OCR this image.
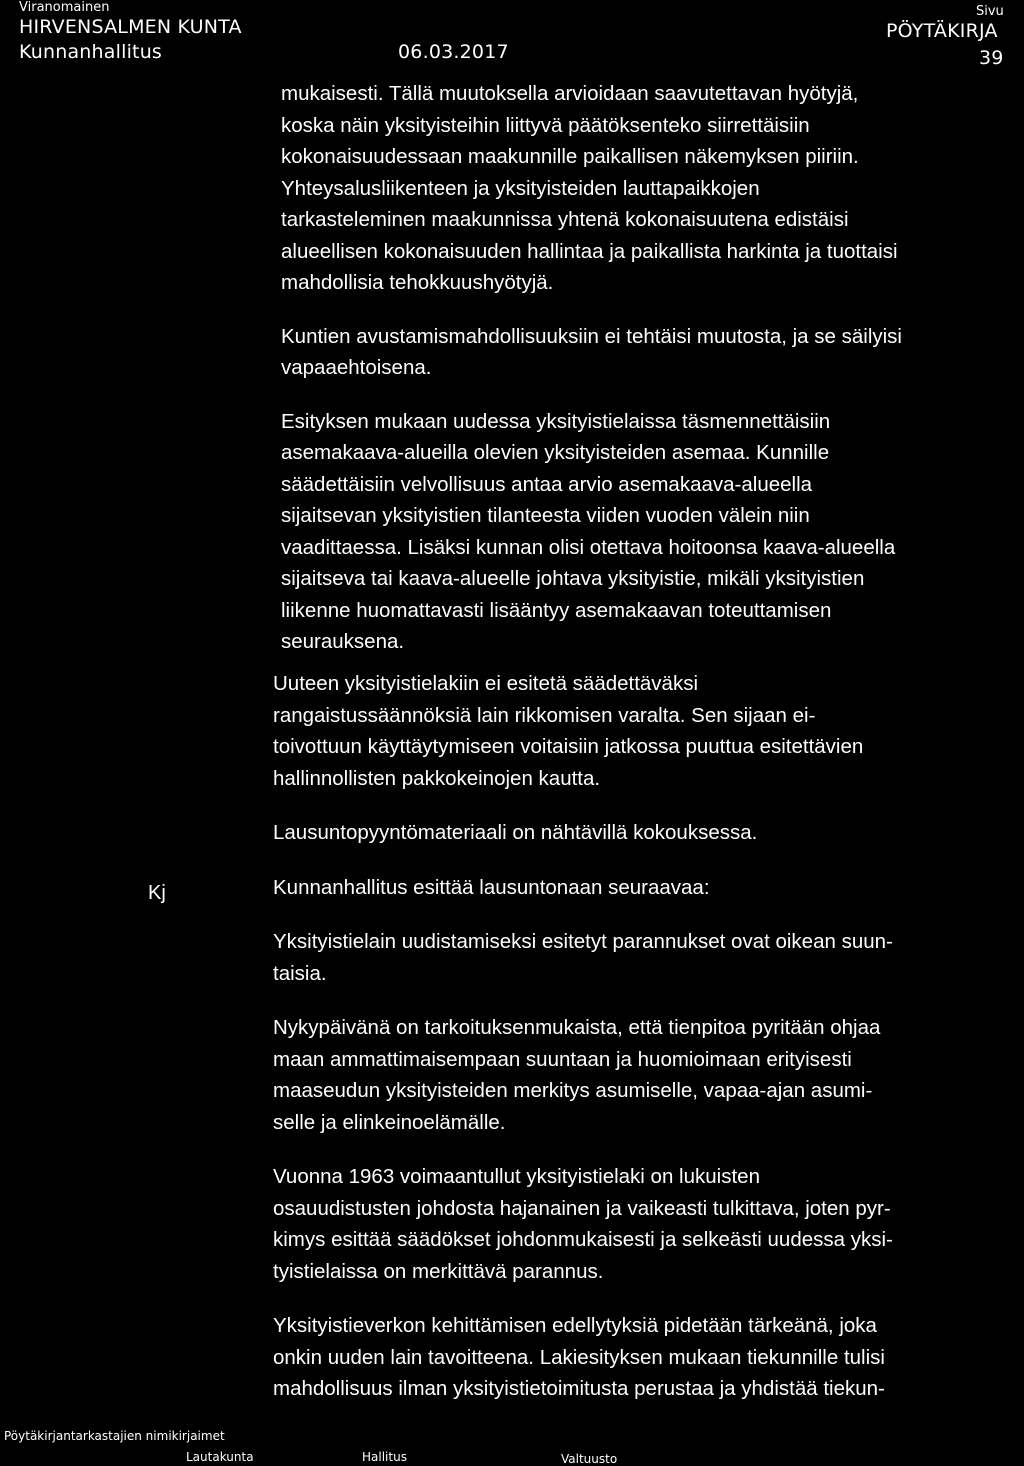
Viranomainen
HIRVENSALMEN KUNTA
Kunnanhallitus	06.03.2017
Sivu
PÖYTÄKIRJA
39

mukaisesti. Tällä muutoksella arvioidaan saavutettavan hyötyjä,
koska näin yksityisteihin liittyvä päätöksenteko siirrettäisiin
kokonaisuudessaan maakunnille paikallisen näkemyksen piiriin.
Yhteysalusliikenteen ja yksityisteiden lauttapaikkojen
tarkasteleminen maakunnissa yhtenä kokonaisuutena edistäisi
alueellisen kokonaisuuden hallintaa ja paikallista harkinta ja tuottaisi
mahdollisia tehokkuushyötyjä.

Kuntien avustamismahdollisuuksiin ei tehtäisi muutosta, ja se säilyisi
vapaaehtoisena.

Esityksen mukaan uudessa yksityistielaissa täsmennettäisiin
asemakaava-alueilla olevien yksityisteiden asemaa. Kunnille
säädettäisiin velvollisuus antaa arvio asemakaava-alueella
sijaitsevan yksityistien tilanteesta viiden vuoden välein niin
vaadittaessa. Lisäksi kunnan olisi otettava hoitoonsa kaava-alueella
sijaitseva tai kaava-alueelle johtava yksityistie, mikäli yksityistien
liikenne huomattavasti lisääntyy asemakaavan toteuttamisen
seurauksena.

Kj

Uuteen yksityistielakiin ei esitetä säädettäväksi
rangaistussäännöksiä lain rikkomisen varalta. Sen sijaan ei-
toivottuun käyttäytymiseen voitaisiin jatkossa puuttua esitettävien
hallinnollisten pakkokeinojen kautta.

Lausuntopyyntömateriaali on nähtävillä kokouksessa.

Kunnanhallitus esittää lausuntonaan seuraavaa:

Yksityistielain uudistamiseksi esitetyt parannukset ovat oikean suun-
taisia.

Nykypäivänä on tarkoituksenmukaista, että tienpitoa pyritään ohjaa
maan ammattimaisempaan suuntaan ja huomioimaan erityisesti
maaseudun yksityisteiden merkitys asumiselle, vapaa-ajan asumi-
selle ja elinkeinoelämälle.

Vuonna 1963 voimaantullut yksityistielaki on lukuisten
osauudistusten johdosta hajanainen ja vaikeasti tulkittava, joten pyr-
kimys esittää säädökset johdonmukaisesti ja selkeästi uudessa yksi-
tyistielaissa on merkittävä parannus.

Yksityistieverkon kehittämisen edellytyksiä pidetään tärkeänä, joka
onkin uuden lain tavoitteena. Lakiesityksen mukaan tiekunnille tulisi
mahdollisuus ilman yksityistietoimitusta perustaa ja yhdistää tiekun-

Pöytäkirjantarkastajien nimikirjaimet
Lautakunta	Hallitus	Valtuusto
